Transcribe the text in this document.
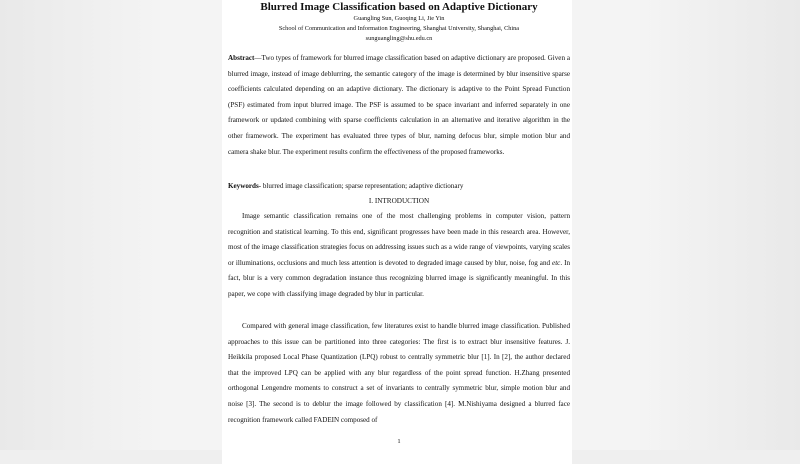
Blurred Image Classification based on Adaptive Dictionary
Guangling Sun, Guoqing Li, Jie Yin
School of Communication and Information Engineering, Shanghai University, Shanghai, China
sunguangling@shu.edu.cn
Abstract—Two types of framework for blurred image classification based on adaptive dictionary are proposed. Given a blurred image, instead of image deblurring, the semantic category of the image is determined by blur insensitive sparse coefficients calculated depending on an adaptive dictionary. The dictionary is adaptive to the Point Spread Function (PSF) estimated from input blurred image. The PSF is assumed to be space invariant and inferred separately in one framework or updated combining with sparse coefficients calculation in an alternative and iterative algorithm in the other framework. The experiment has evaluated three types of blur, naming defocus blur, simple motion blur and camera shake blur. The experiment results confirm the effectiveness of the proposed frameworks.
Keywords- blurred image classification; sparse representation; adaptive dictionary
I. INTRODUCTION
Image semantic classification remains one of the most challenging problems in computer vision, pattern recognition and statistical learning. To this end, significant progresses have been made in this research area. However, most of the image classification strategies focus on addressing issues such as a wide range of viewpoints, varying scales or illuminations, occlusions and much less attention is devoted to degraded image caused by blur, noise, fog and etc. In fact, blur is a very common degradation instance thus recognizing blurred image is significantly meaningful. In this paper, we cope with classifying image degraded by blur in particular.
Compared with general image classification, few literatures exist to handle blurred image classification. Published approaches to this issue can be partitioned into three categories: The first is to extract blur insensitive features. J. Heikkila proposed Local Phase Quantization (LPQ) robust to centrally symmetric blur [1]. In [2], the author declared that the improved LPQ can be applied with any blur regardless of the point spread function. H.Zhang presented orthogonal Lengendre moments to construct a set of invariants to centrally symmetric blur, simple motion blur and noise [3]. The second is to deblur the image followed by classification [4]. M.Nishiyama designed a blurred face recognition framework called FADEIN composed of
1
